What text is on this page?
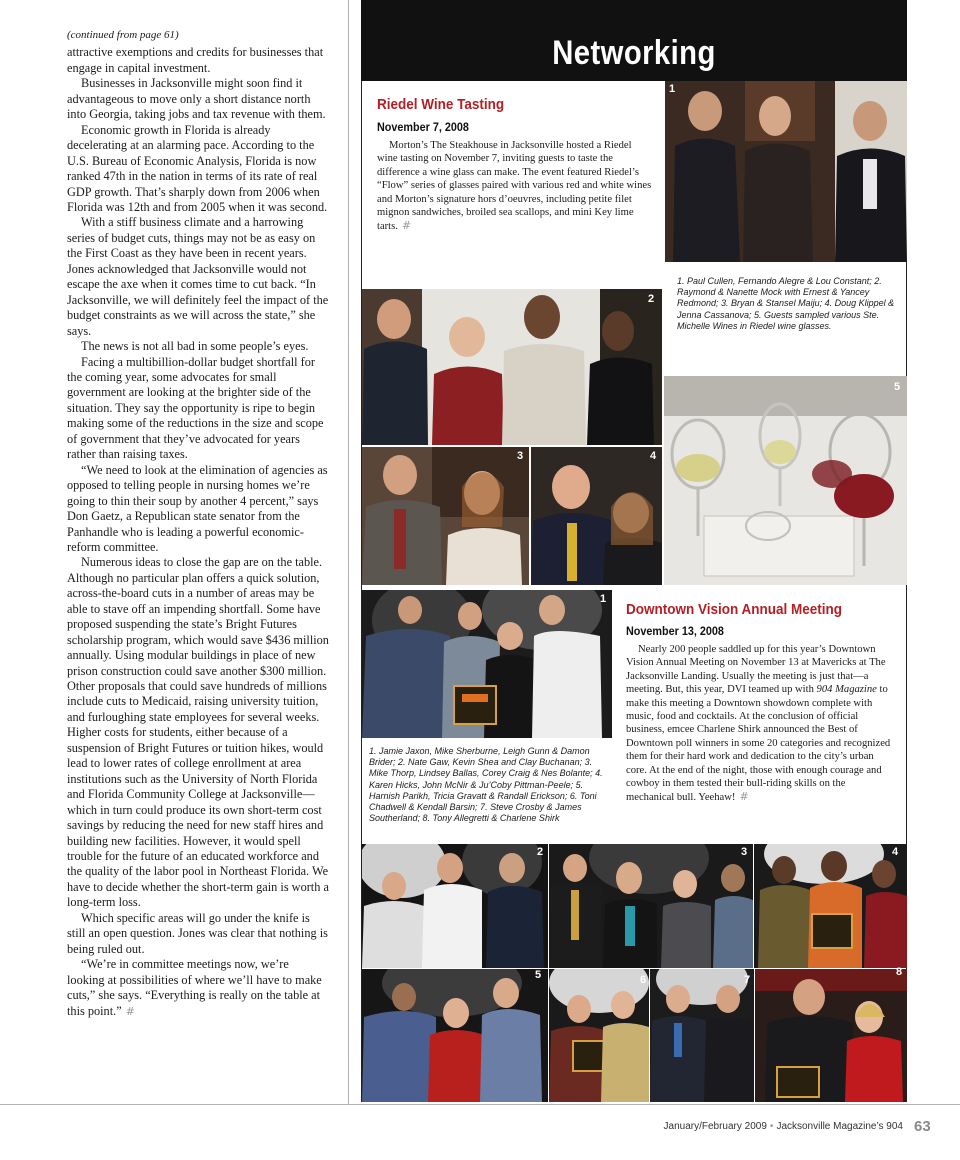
(continued from page 61)

attractive exemptions and credits for businesses that engage in capital investment.

Businesses in Jacksonville might soon find it advantageous to move only a short distance north into Georgia, taking jobs and tax revenue with them.

Economic growth in Florida is already decelerating at an alarming pace. According to the U.S. Bureau of Economic Analysis, Florida is now ranked 47th in the nation in terms of its rate of real GDP growth. That’s sharply down from 2006 when Florida was 12th and from 2005 when it was second.

With a stiff business climate and a harrowing series of budget cuts, things may not be as easy on the First Coast as they have been in recent years. Jones acknowledged that Jacksonville would not escape the axe when it comes time to cut back. “In Jacksonville, we will definitely feel the impact of the budget constraints as we will across the state,” she says.

The news is not all bad in some people’s eyes.

Facing a multibillion-dollar budget shortfall for the coming year, some advocates for small government are looking at the brighter side of the situation. They say the opportunity is ripe to begin making some of the reductions in the size and scope of government that they’ve advocated for years rather than raising taxes.

“We need to look at the elimination of agencies as opposed to telling people in nursing homes we’re going to thin their soup by another 4 percent,” says Don Gaetz, a Republican state senator from the Panhandle who is leading a powerful economic-reform committee.

Numerous ideas to close the gap are on the table. Although no particular plan offers a quick solution, across-the-board cuts in a number of areas may be able to stave off an impending shortfall. Some have proposed suspending the state’s Bright Futures scholarship program, which would save $436 million annually. Using modular buildings in place of new prison construction could save another $300 million. Other proposals that could save hundreds of millions include cuts to Medicaid, raising university tuition, and furloughing state employees for several weeks. Higher costs for students, either because of a suspension of Bright Futures or tuition hikes, would lead to lower rates of college enrollment at area institutions such as the University of North Florida and Florida Community College at Jacksonville—which in turn could produce its own short-term cost savings by reducing the need for new staff hires and building new facilities. However, it would spell trouble for the future of an educated workforce and the quality of the labor pool in Northeast Florida. We have to decide whether the short-term gain is worth a long-term loss.

Which specific areas will go under the knife is still an open question. Jones was clear that nothing is being ruled out.

“We’re in committee meetings now, we’re looking at possibilities of where we’ll have to make cuts,” she says. “Everything is really on the table at this point.” #

Networking
Riedel Wine Tasting
November 7, 2008
Morton’s The Steakhouse in Jacksonville hosted a Riedel wine tasting on November 7, inviting guests to taste the difference a wine glass can make. The event featured Riedel’s “Flow” series of glasses paired with various red and white wines and Morton’s signature hors d’oeuvres, including petite filet mignon sandwiches, broiled sea scallops, and mini Key lime tarts. #
1
1. Paul Cullen, Fernando Alegre & Lou Constant; 2. Raymond & Nanette Mock with Ernest & Yancey Redmond; 3. Bryan & Stansel Maiju; 4. Doug Klippel & Jenna Cassanova; 5. Guests sampled various Ste. Michelle Wines in Riedel wine glasses.
2
3	4
5
1
1. Jamie Jaxon, Mike Sherburne, Leigh Gunn & Damon Brider; 2. Nate Gaw, Kevin Shea and Clay Buchanan; 3. Mike Thorp, Lindsey Ballas, Corey Craig & Nes Bolante; 4. Karen Hicks, John McNir & Ju’Coby Pittman-Peele; 5. Harnish Parikh, Tricia Gravatt & Randall Erickson; 6. Toni Chadwell & Kendall Barsin; 7. Steve Crosby & James Southerland; 8. Tony Allegretti & Charlene Shirk
Downtown Vision Annual Meeting
November 13, 2008
Nearly 200 people saddled up for this year’s Downtown Vision Annual Meeting on November 13 at Mavericks at The Jacksonville Landing. Usually the meeting is just that—a meeting. But, this year, DVI teamed up with 904 Magazine to make this meeting a Downtown showdown complete with music, food and cocktails. At the conclusion of official business, emcee Charlene Shirk announced the Best of Downtown poll winners in some 20 categories and recognized them for their hard work and dedication to the city’s urban core. At the end of the night, those with enough courage and cowboy in them tested their bull-riding skills on the mechanical bull. Yeehaw! #
2	3	4
5	6	7
8
January/February 2009 • Jacksonville Magazine’s 904 63
